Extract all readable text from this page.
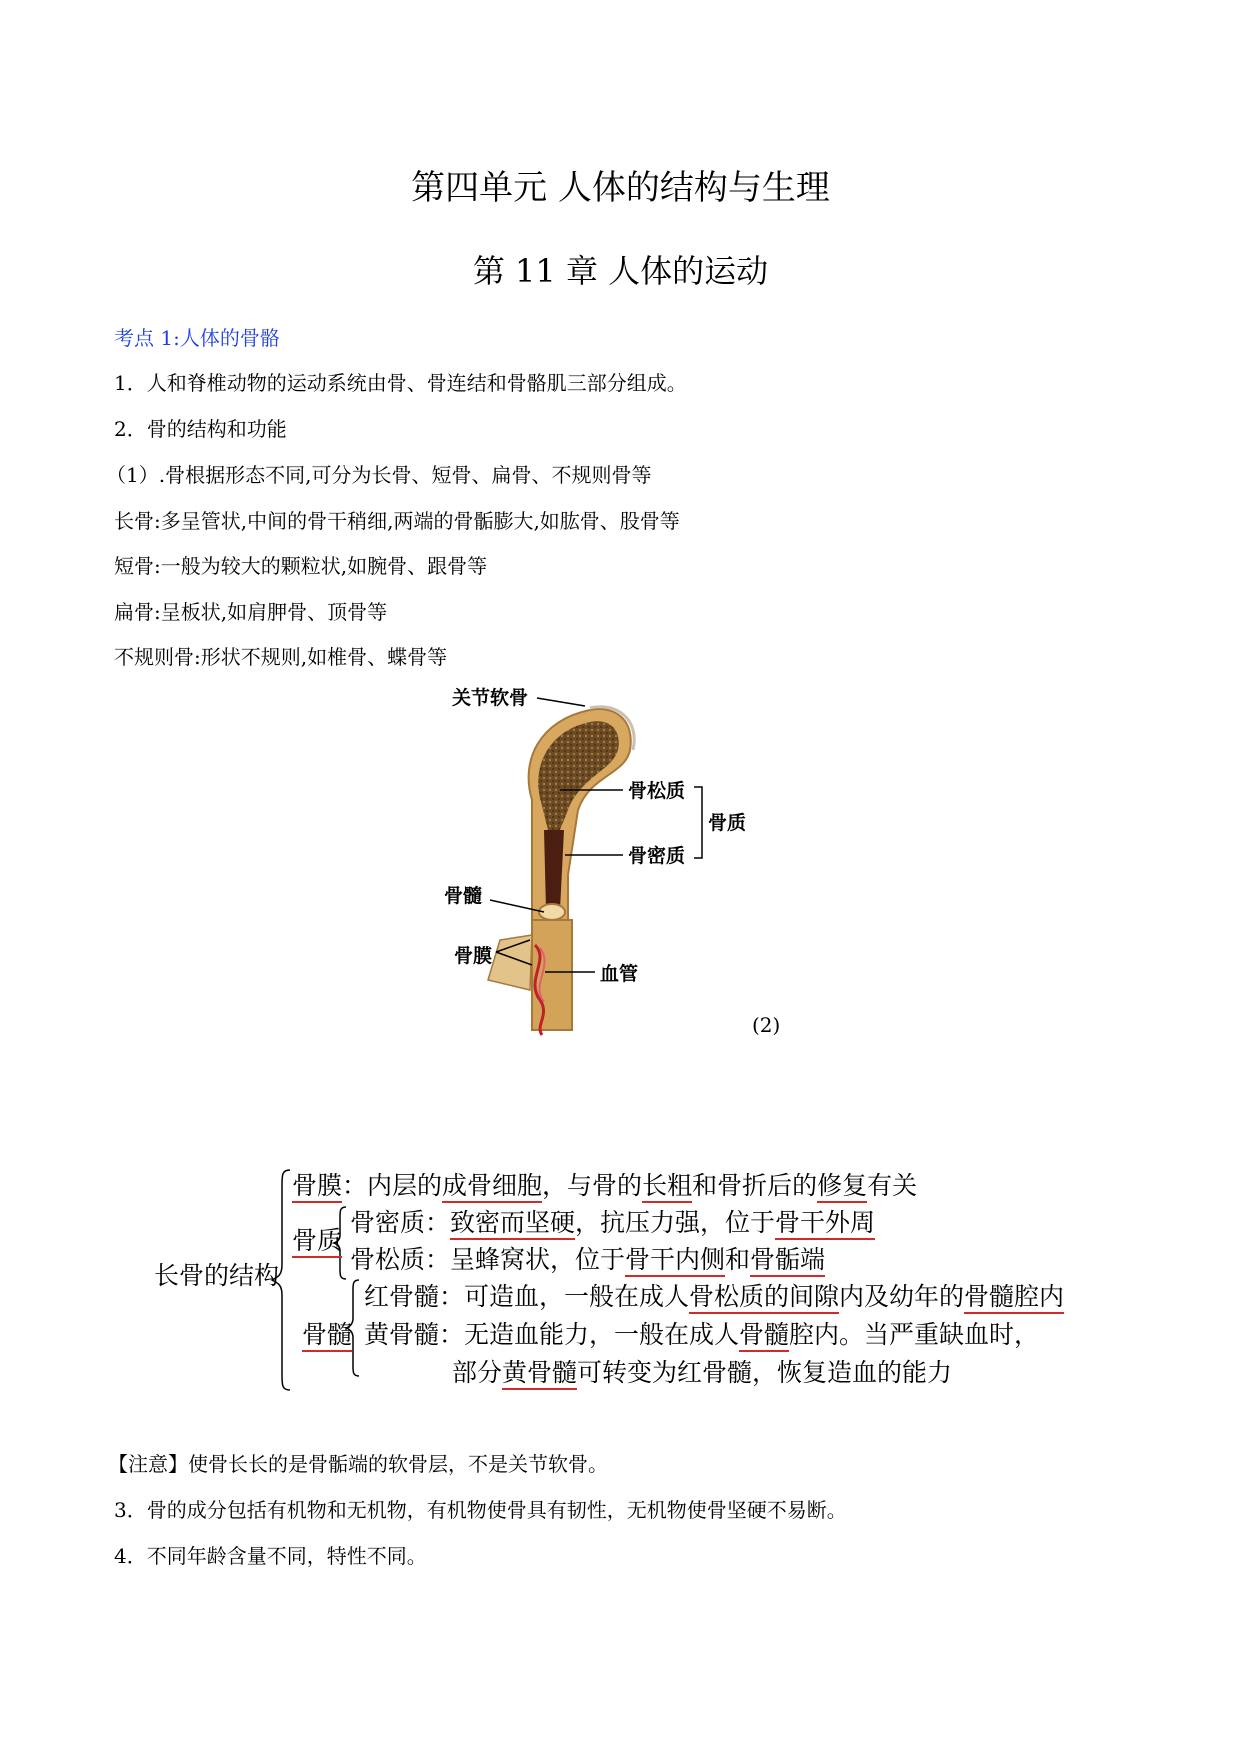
第四单元 人体的结构与生理
第 11 章 人体的运动
考点 1:人体的骨骼
1．人和脊椎动物的运动系统由骨、骨连结和骨骼肌三部分组成。
2．骨的结构和功能
（1）.骨根据形态不同,可分为长骨、短骨、扁骨、不规则骨等
长骨:多呈管状,中间的骨干稍细,两端的骨骺膨大,如肱骨、股骨等
短骨:一般为较大的颗粒状,如腕骨、跟骨等
扁骨:呈板状,如肩胛骨、顶骨等
不规则骨:形状不规则,如椎骨、蝶骨等
关节软骨
骨松质
骨密质
骨质
骨髓
骨膜
血管
(2)
长骨的结构
骨膜：内层的成骨细胞，与骨的长粗和骨折后的修复有关
骨质
骨密质：致密而坚硬，抗压力强，位于骨干外周
骨松质：呈蜂窝状，位于骨干内侧和骨骺端
骨髓
红骨髓：可造血，一般在成人骨松质的间隙内及幼年的骨髓腔内
黄骨髓：无造血能力，一般在成人骨髓腔内。当严重缺血时，
部分黄骨髓可转变为红骨髓，恢复造血的能力
【注意】使骨长长的是骨骺端的软骨层，不是关节软骨。
3．骨的成分包括有机物和无机物，有机物使骨具有韧性，无机物使骨坚硬不易断。
4．不同年龄含量不同，特性不同。
